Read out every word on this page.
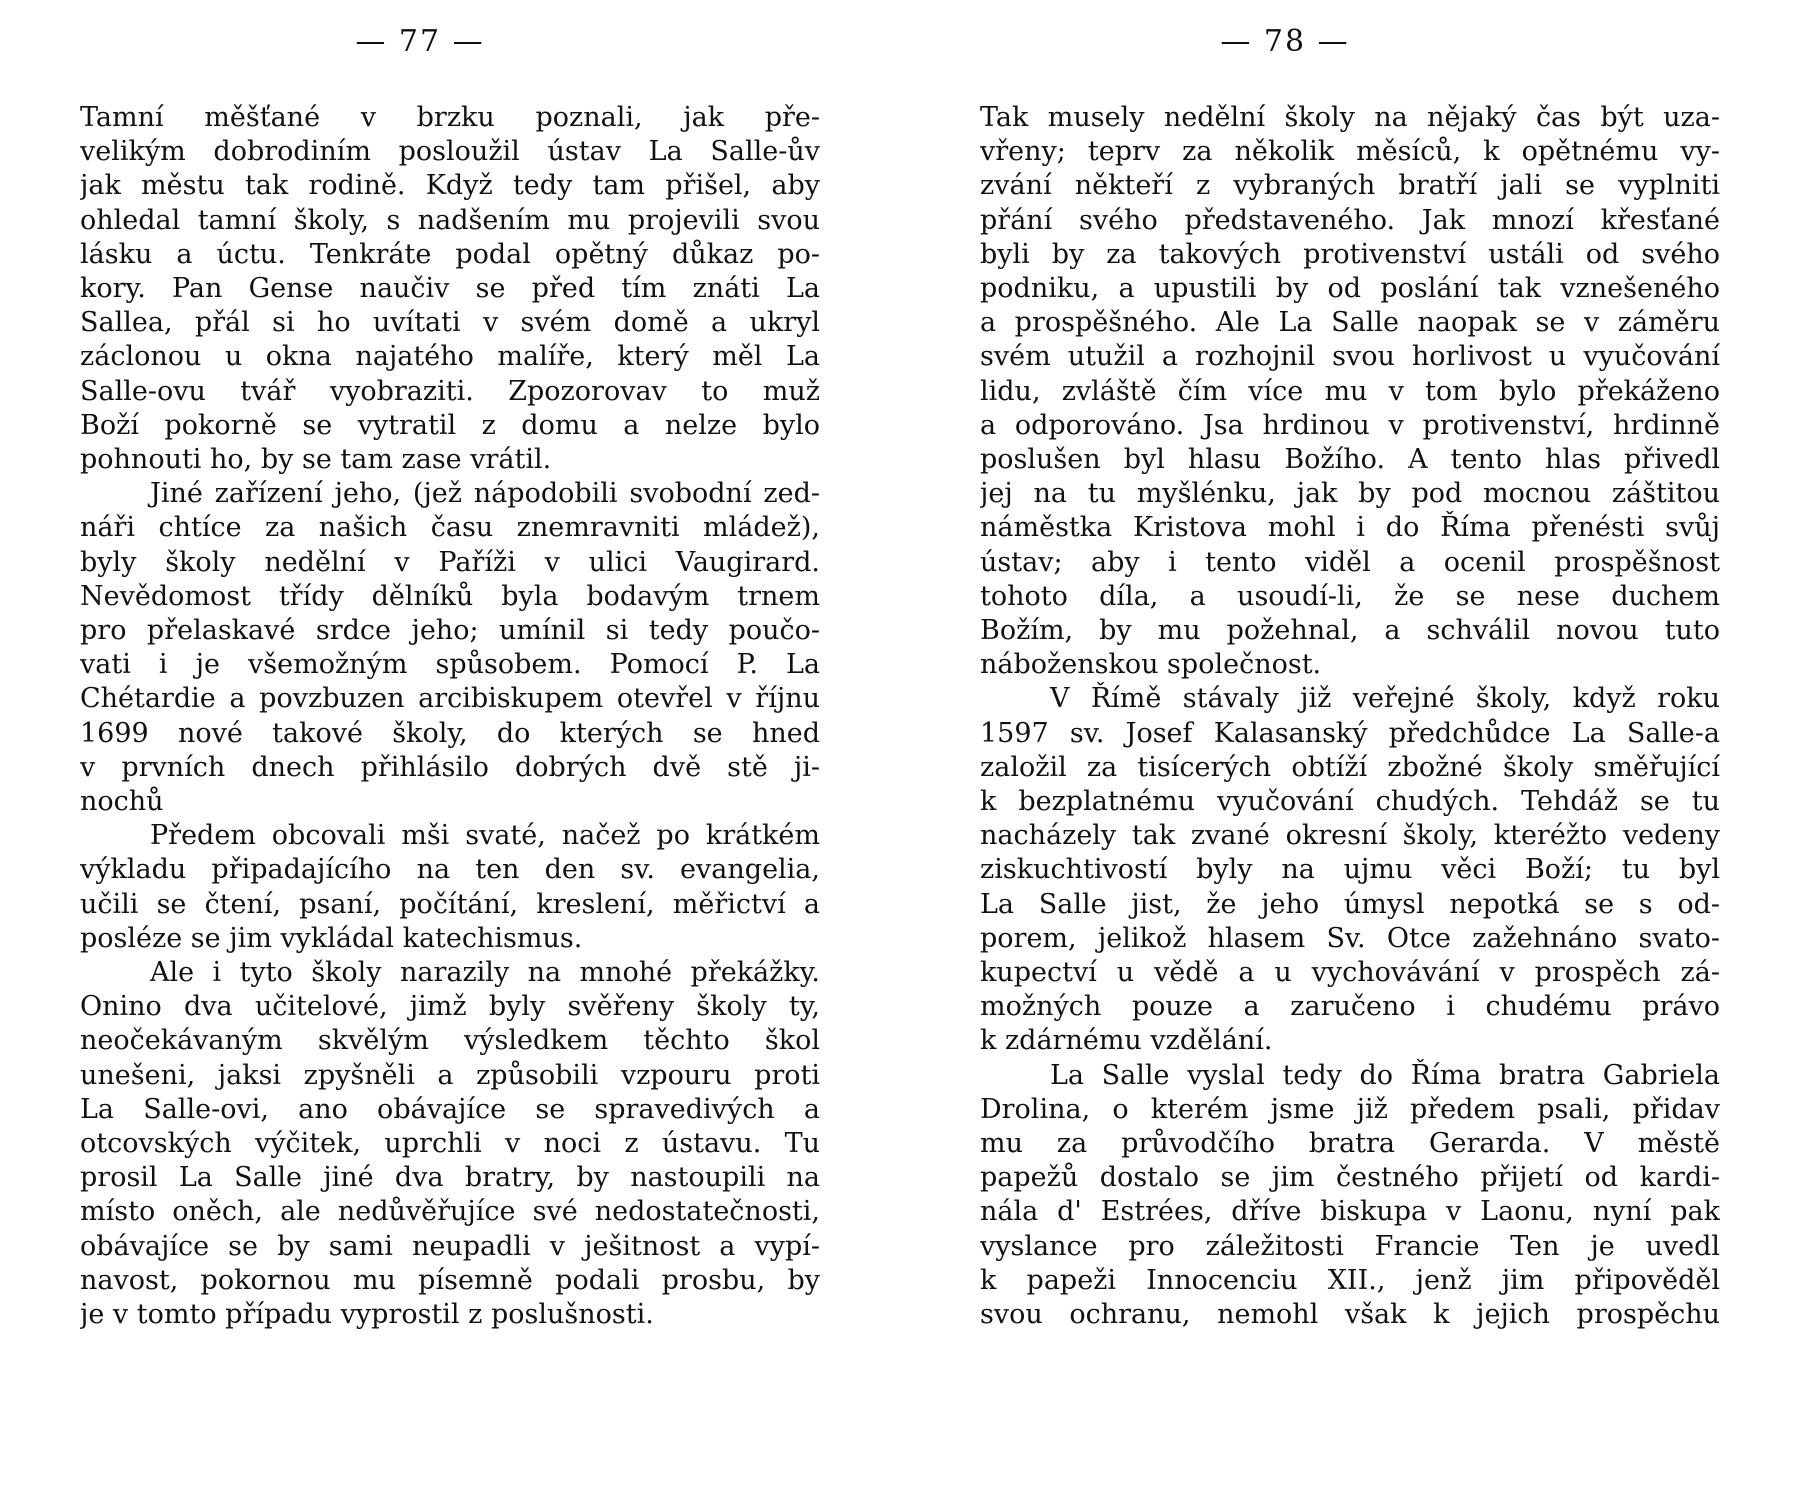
— 77 —
Tamní měšťané v brzku poznali, jak pře-
velikým dobrodiním posloužil ústav La Salle-ův
jak městu tak rodině. Když tedy tam přišel, aby
ohledal tamní školy, s nadšením mu projevili svou
lásku a úctu. Tenkráte podal opětný důkaz po-
kory. Pan Gense naučiv se před tím znáti La
Sallea, přál si ho uvítati v svém domě a ukryl
záclonou u okna najatého malíře, který měl La
Salle-ovu tvář vyobraziti. Zpozorovav to muž
Boží pokorně se vytratil z domu a nelze bylo
pohnouti ho, by se tam zase vrátil.
Jiné zařízení jeho, (jež nápodobili svobodní zed-
náři chtíce za našich času znemravniti mládež),
byly školy nedělní v Paříži v ulici Vaugirard.
Nevědomost třídy dělníků byla bodavým trnem
pro přelaskavé srdce jeho; umínil si tedy poučo-
vati i je všemožným spůsobem. Pomocí P. La
Chétardie a povzbuzen arcibiskupem otevřel v říjnu
1699 nové takové školy, do kterých se hned
v prvních dnech přihlásilo dobrých dvě stě ji-
nochů
Předem obcovali mši svaté, načež po krátkém
výkladu připadajícího na ten den sv. evangelia,
učili se čtení, psaní, počítání, kreslení, měřictví a
posléze se jim vykládal katechismus.
Ale i tyto školy narazily na mnohé překážky.
Onino dva učitelové, jimž byly svěřeny školy ty,
neočekávaným skvělým výsledkem těchto škol
unešeni, jaksi zpyšněli a způsobili vzpouru proti
La Salle-ovi, ano obávajíce se spravedivých a
otcovských výčitek, uprchli v noci z ústavu. Tu
prosil La Salle jiné dva bratry, by nastoupili na
místo oněch, ale nedůvěřujíce své nedostatečnosti,
obávajíce se by sami neupadli v ješitnost a vypí-
navost, pokornou mu písemně podali prosbu, by
je v tomto případu vyprostil z poslušnosti.
— 78 —
Tak musely nedělní školy na nějaký čas být uza-
vřeny; teprv za několik měsíců, k opětnému vy-
zvání někteří z vybraných bratří jali se vyplniti
přání svého představeného. Jak mnozí křesťané
byli by za takových protivenství ustáli od svého
podniku, a upustili by od poslání tak vznešeného
a prospěšného. Ale La Salle naopak se v záměru
svém utužil a rozhojnil svou horlivost u vyučování
lidu, zvláště čím více mu v tom bylo překáženo
a odporováno. Jsa hrdinou v protivenství, hrdinně
poslušen byl hlasu Božího. A tento hlas přivedl
jej na tu myšlénku, jak by pod mocnou záštitou
náměstka Kristova mohl i do Říma přenésti svůj
ústav; aby i tento viděl a ocenil prospěšnost
tohoto díla, a usoudí-li, že se nese duchem
Božím, by mu požehnal, a schválil novou tuto
náboženskou společnost.
V Římě stávaly již veřejné školy, když roku
1597 sv. Josef Kalasanský předchůdce La Salle-a
založil za tisícerých obtíží zbožné školy směřující
k bezplatnému vyučování chudých. Tehdáž se tu
nacházely tak zvané okresní školy, kteréžto vedeny
ziskuchtivostí byly na ujmu věci Boží; tu byl
La Salle jist, že jeho úmysl nepotká se s od-
porem, jelikož hlasem Sv. Otce zažehnáno svato-
kupectví u vědě a u vychovávání v prospěch zá-
možných pouze a zaručeno i chudému právo
k zdárnému vzdělání.
La Salle vyslal tedy do Říma bratra Gabriela
Drolina, o kterém jsme již předem psali, přidav
mu za průvodčího bratra Gerarda. V městě
papežů dostalo se jim čestného přijetí od kardi-
nála d' Estrées, dříve biskupa v Laonu, nyní pak
vyslance pro záležitosti Francie Ten je uvedl
k papeži Innocenciu XII., jenž jim připověděl
svou ochranu, nemohl však k jejich prospěchu
